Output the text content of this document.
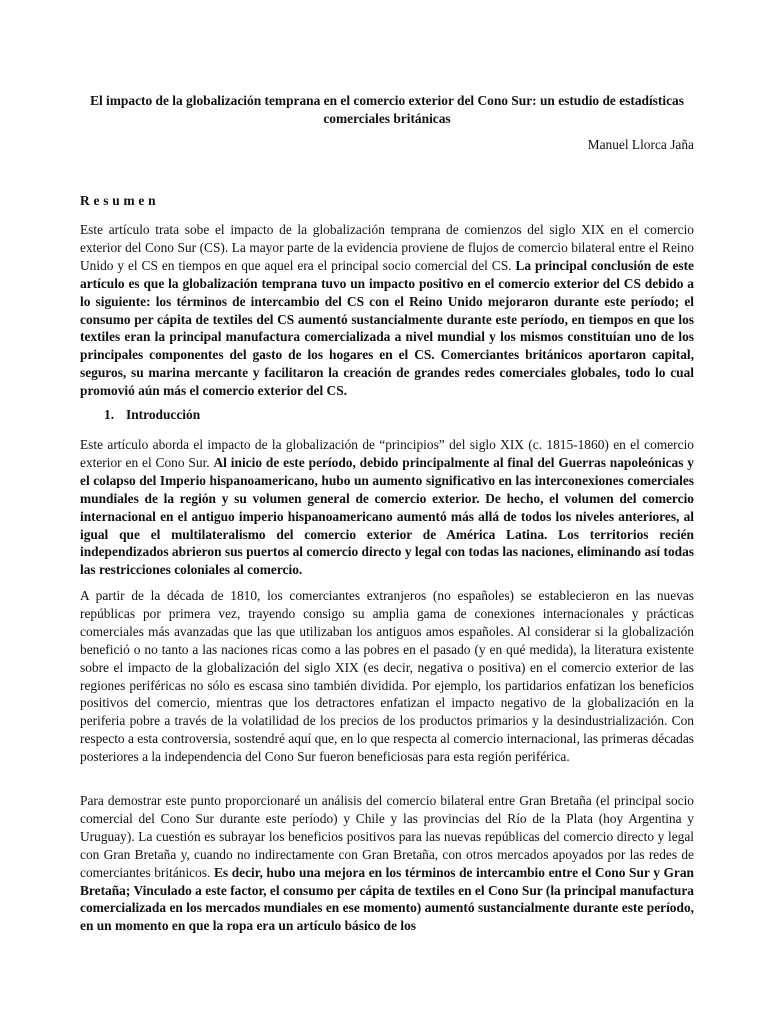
El impacto de la globalización temprana en el comercio exterior del Cono Sur: un estudio de estadísticas comerciales británicas
Manuel Llorca Jaña
Resumen

Este artículo trata sobe el impacto de la globalización temprana de comienzos del siglo XIX en el comercio exterior del Cono Sur (CS). La mayor parte de la evidencia proviene de flujos de comercio bilateral entre el Reino Unido y el CS en tiempos en que aquel era el principal socio comercial del CS. La principal conclusión de este artículo es que la globalización temprana tuvo un impacto positivo en el comercio exterior del CS debido a lo siguiente: los términos de intercambio del CS con el Reino Unido mejoraron durante este período; el consumo per cápita de textiles del CS aumentó sustancialmente durante este período, en tiempos en que los textiles eran la principal manufactura comercializada a nivel mundial y los mismos constituían uno de los principales componentes del gasto de los hogares en el CS. Comerciantes británicos aportaron capital, seguros, su marina mercante y facilitaron la creación de grandes redes comerciales globales, todo lo cual promovió aún más el comercio exterior del CS.

1. Introducción

Este artículo aborda el impacto de la globalización de “principios” del siglo XIX (c. 1815-1860) en el comercio exterior en el Cono Sur. Al inicio de este período, debido principalmente al final del Guerras napoleónicas y el colapso del Imperio hispanoamericano, hubo un aumento significativo en las interconexiones comerciales mundiales de la región y su volumen general de comercio exterior. De hecho, el volumen del comercio internacional en el antiguo imperio hispanoamericano aumentó más allá de todos los niveles anteriores, al igual que el multilateralismo del comercio exterior de América Latina. Los territorios recién independizados abrieron sus puertos al comercio directo y legal con todas las naciones, eliminando así todas las restricciones coloniales al comercio.

A partir de la década de 1810, los comerciantes extranjeros (no españoles) se establecieron en las nuevas repúblicas por primera vez, trayendo consigo su amplia gama de conexiones internacionales y prácticas comerciales más avanzadas que las que utilizaban los antiguos amos españoles. Al considerar si la globalización benefició o no tanto a las naciones ricas como a las pobres en el pasado (y en qué medida), la literatura existente sobre el impacto de la globalización del siglo XIX (es decir, negativa o positiva) en el comercio exterior de las regiones periféricas no sólo es escasa sino también dividida. Por ejemplo, los partidarios enfatizan los beneficios positivos del comercio, mientras que los detractores enfatizan el impacto negativo de la globalización en la periferia pobre a través de la volatilidad de los precios de los productos primarios y la desindustrialización. Con respecto a esta controversia, sostendré aquí que, en lo que respecta al comercio internacional, las primeras décadas posteriores a la independencia del Cono Sur fueron beneficiosas para esta región periférica.

Para demostrar este punto proporcionaré un análisis del comercio bilateral entre Gran Bretaña (el principal socio comercial del Cono Sur durante este período) y Chile y las provincias del Río de la Plata (hoy Argentina y Uruguay). La cuestión es subrayar los beneficios positivos para las nuevas repúblicas del comercio directo y legal con Gran Bretaña y, cuando no indirectamente con Gran Bretaña, con otros mercados apoyados por las redes de comerciantes británicos. Es decir, hubo una mejora en los términos de intercambio entre el Cono Sur y Gran Bretaña; Vinculado a este factor, el consumo per cápita de textiles en el Cono Sur (la principal manufactura comercializada en los mercados mundiales en ese momento) aumentó sustancialmente durante este período, en un momento en que la ropa era un artículo básico de los
